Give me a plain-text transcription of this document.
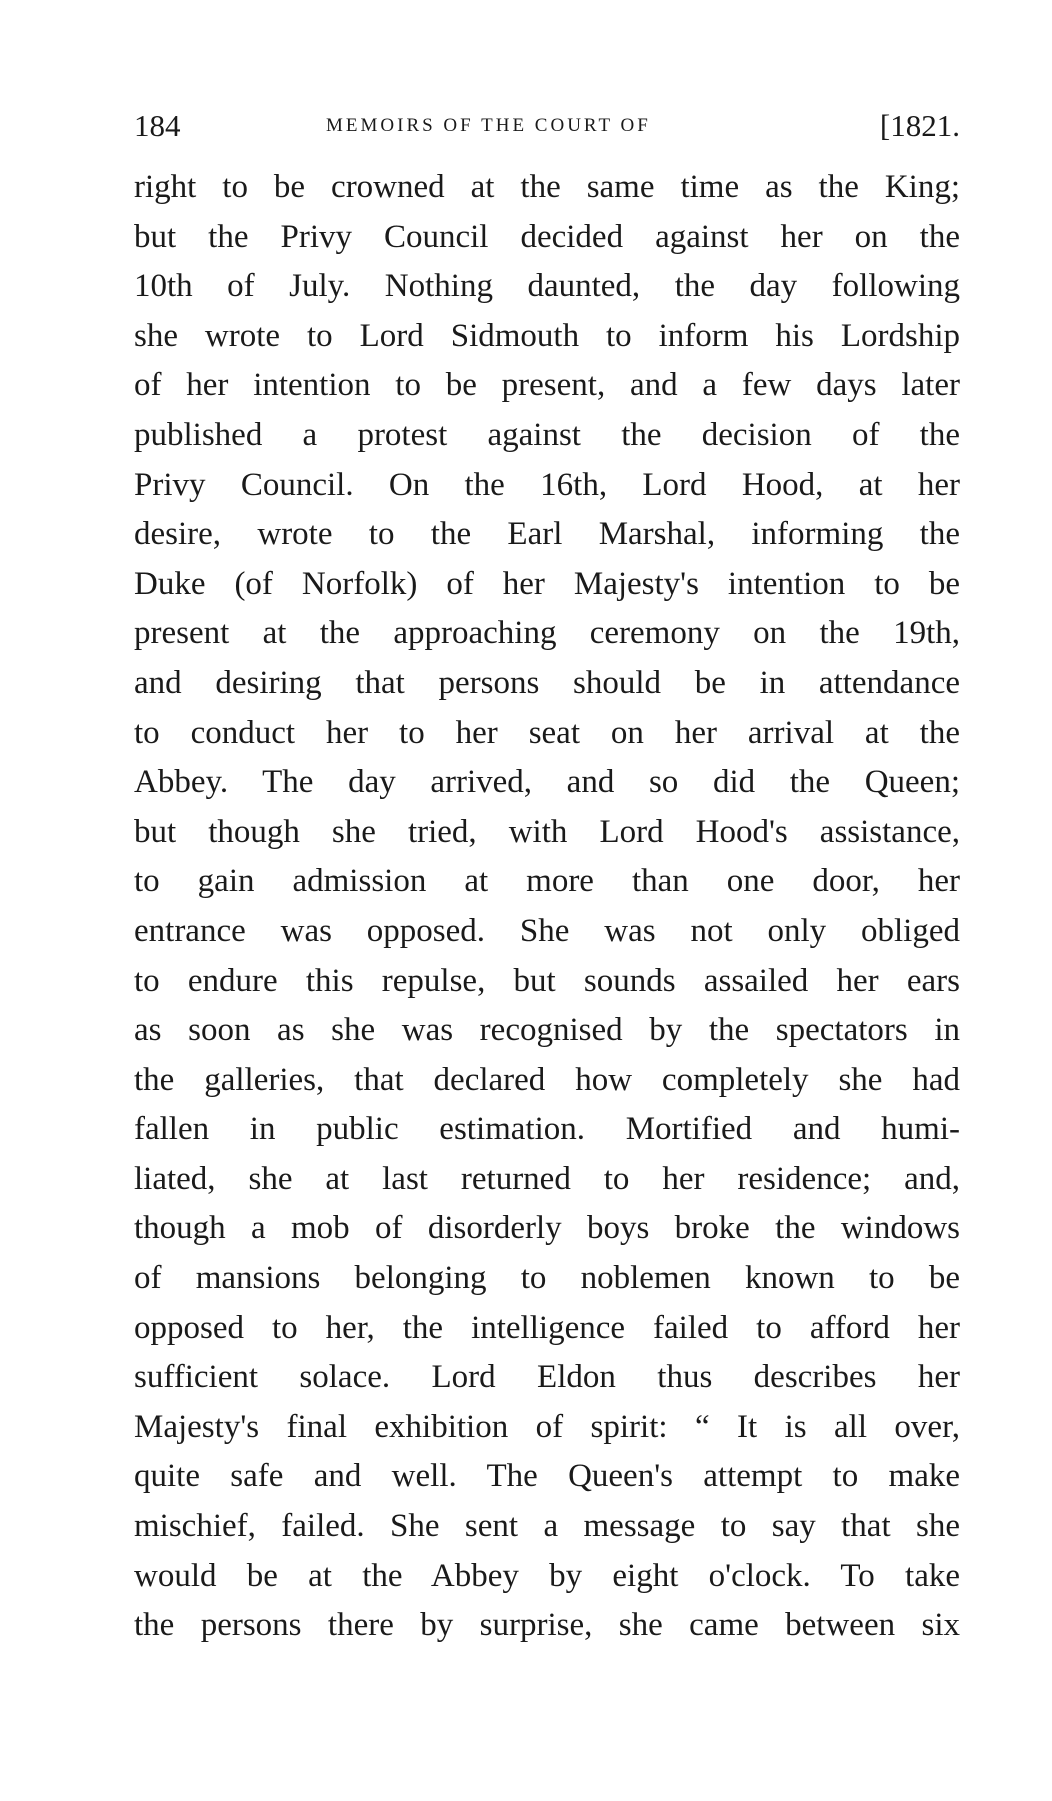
184	MEMOIRS OF THE COURT OF	[1821.
right to be crowned at the same time as the King;
but the Privy Council decided against her on the
10th of July. Nothing daunted, the day following
she wrote to Lord Sidmouth to inform his Lordship
of her intention to be present, and a few days later
published a protest against the decision of the
Privy Council. On the 16th, Lord Hood, at her
desire, wrote to the Earl Marshal, informing the
Duke (of Norfolk) of her Majesty's intention to be
present at the approaching ceremony on the 19th,
and desiring that persons should be in attendance
to conduct her to her seat on her arrival at the
Abbey. The day arrived, and so did the Queen;
but though she tried, with Lord Hood's assistance,
to gain admission at more than one door, her
entrance was opposed. She was not only obliged
to endure this repulse, but sounds assailed her ears
as soon as she was recognised by the spectators in
the galleries, that declared how completely she had
fallen in public estimation. Mortified and humi-
liated, she at last returned to her residence; and,
though a mob of disorderly boys broke the windows
of mansions belonging to noblemen known to be
opposed to her, the intelligence failed to afford her
sufficient solace. Lord Eldon thus describes her
Majesty's final exhibition of spirit: “ It is all over,
quite safe and well. The Queen's attempt to make
mischief, failed. She sent a message to say that she
would be at the Abbey by eight o'clock. To take
the persons there by surprise, she came between six
